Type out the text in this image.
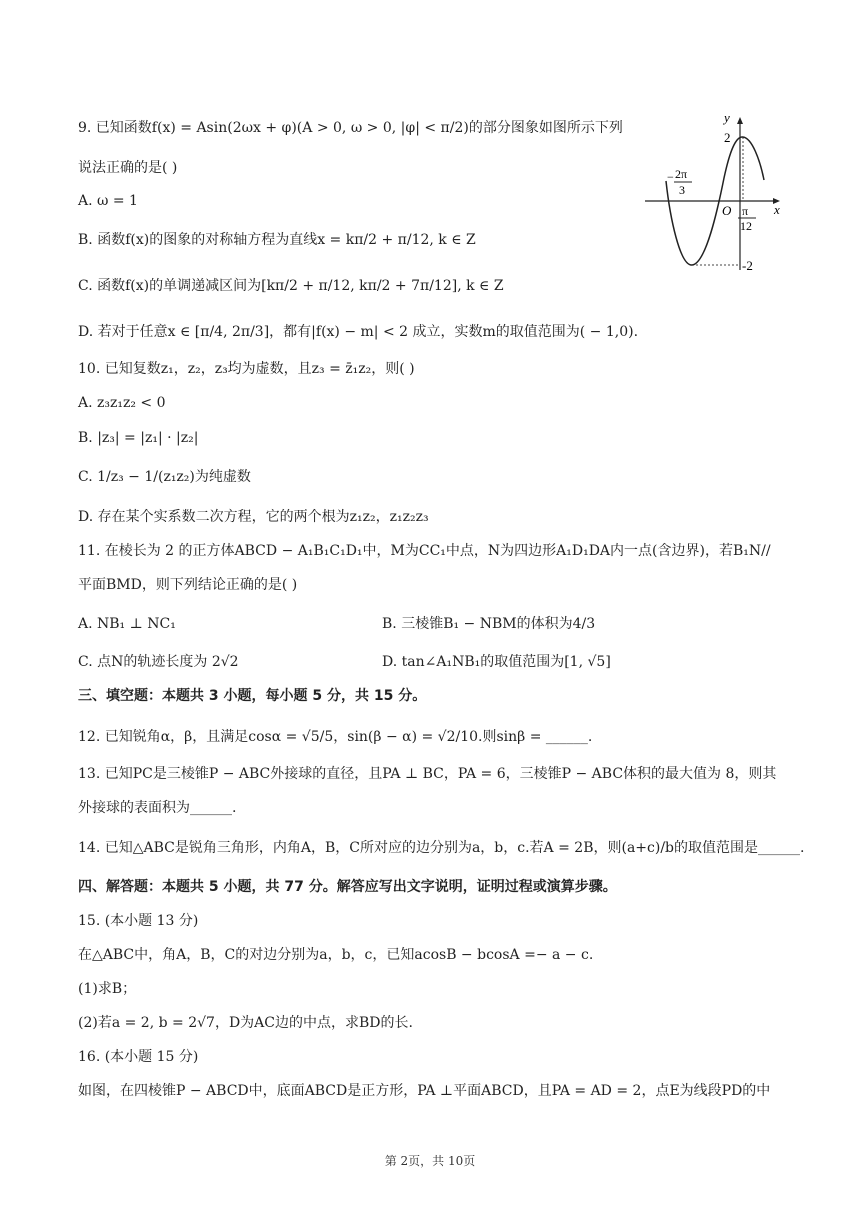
9. 已知函数f(x) = Asin(2ωx + φ)(A > 0, ω > 0, |φ| < π/2)的部分图象如图所示下列
说法正确的是( )
A. ω = 1
B. 函数f(x)的图象的对称轴方程为直线x = kπ/2 + π/12, k ∈ Z
C. 函数f(x)的单调递减区间为[kπ/2 + π/12, kπ/2 + 7π/12], k ∈ Z
D. 若对于任意x ∈ [π/4, 2π/3]，都有|f(x) − m| < 2 成立，实数m的取值范围为( − 1,0).
y
x
O
2
-2
− 2π
3
π
12
10. 已知复数z₁，z₂，z₃均为虚数，且z₃ = z̄₁z₂，则( )
A. z₃z₁z₂ < 0
B. |z₃| = |z₁| · |z₂|
C. 1/z₃ − 1/(z₁z₂)为纯虚数
D. 存在某个实系数二次方程，它的两个根为z₁z₂，z₁z₂z₃
11. 在棱长为 2 的正方体ABCD − A₁B₁C₁D₁中，M为CC₁中点，N为四边形A₁D₁DA内一点(含边界)，若B₁N//
平面BMD，则下列结论正确的是( )
A. NB₁ ⊥ NC₁	B. 三棱锥B₁ − NBM的体积为4/3
C. 点N的轨迹长度为 2√2	D. tan∠A₁NB₁的取值范围为[1, √5]
三、填空题：本题共 3 小题，每小题 5 分，共 15 分。
12. 已知锐角α，β，且满足cosα = √5/5，sin(β − α) = √2/10.则sinβ = ______.
13. 已知PC是三棱锥P − ABC外接球的直径，且PA ⊥ BC，PA = 6，三棱锥P − ABC体积的最大值为 8，则其
外接球的表面积为______.
14. 已知△ABC是锐角三角形，内角A，B，C所对应的边分别为a，b，c.若A = 2B，则(a+c)/b的取值范围是______.
四、解答题：本题共 5 小题，共 77 分。解答应写出文字说明，证明过程或演算步骤。
15. (本小题 13 分)
在△ABC中，角A，B，C的对边分别为a，b，c，已知acosB − bcosA =− a − c.
(1)求B；
(2)若a = 2, b = 2√7，D为AC边的中点，求BD的长.
16. (本小题 15 分)
如图，在四棱锥P − ABCD中，底面ABCD是正方形，PA ⊥平面ABCD，且PA = AD = 2，点E为线段PD的中
第 2页，共 10页
